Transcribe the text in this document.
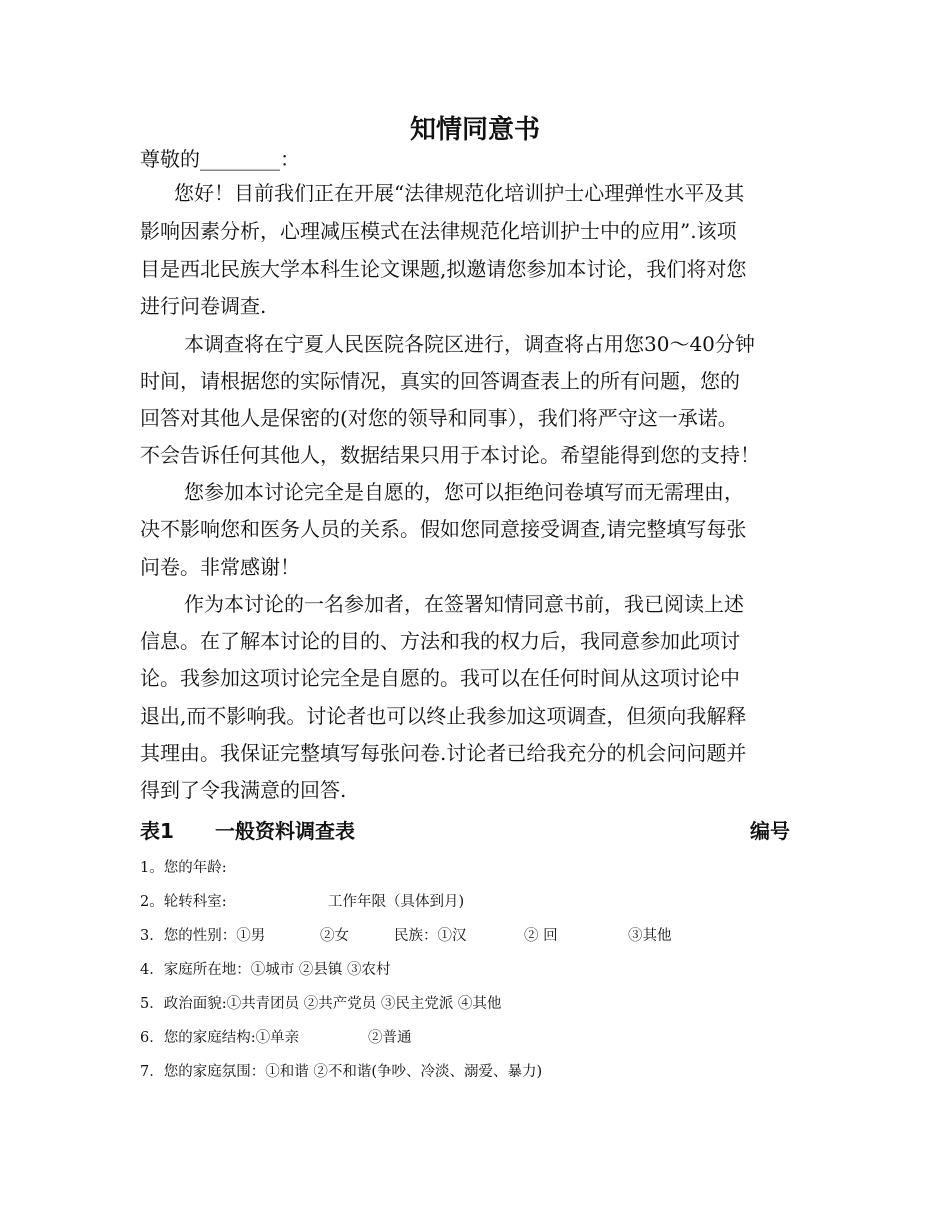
知情同意书
尊敬的________：
您好！目前我们正在开展“法律规范化培训护士心理弹性水平及其
影响因素分析，心理减压模式在法律规范化培训护士中的应用”.该项
目是西北民族大学本科生论文课题,拟邀请您参加本讨论，我们将对您
进行问卷调查.
本调查将在宁夏人民医院各院区进行，调查将占用您30～40分钟
时间，请根据您的实际情况，真实的回答调查表上的所有问题，您的
回答对其他人是保密的(对您的领导和同事），我们将严守这一承诺。
不会告诉任何其他人，数据结果只用于本讨论。希望能得到您的支持！
您参加本讨论完全是自愿的，您可以拒绝问卷填写而无需理由，
决不影响您和医务人员的关系。假如您同意接受调查,请完整填写每张
问卷。非常感谢！
作为本讨论的一名参加者，在签署知情同意书前，我已阅读上述
信息。在了解本讨论的目的、方法和我的权力后，我同意参加此项讨
论。我参加这项讨论完全是自愿的。我可以在任何时间从这项讨论中
退出,而不影响我。讨论者也可以终止我参加这项调查，但须向我解释
其理由。我保证完整填写每张问卷.讨论者已给我充分的机会问问题并
得到了令我满意的回答.
表1 一般资料调查表	编号
1。您的年龄:
2。轮转科室:	工作年限（具体到月)
3．您的性别：①男	②女	民族：①汉	② 回	③其他
4．家庭所在地：①城市 ②县镇 ③农村
5．政治面貌:①共青团员 ②共产党员 ③民主党派 ④其他
6．您的家庭结构:①单亲	②普通
7．您的家庭氛围：①和谐 ②不和谐(争吵、冷淡、溺爱、暴力)
